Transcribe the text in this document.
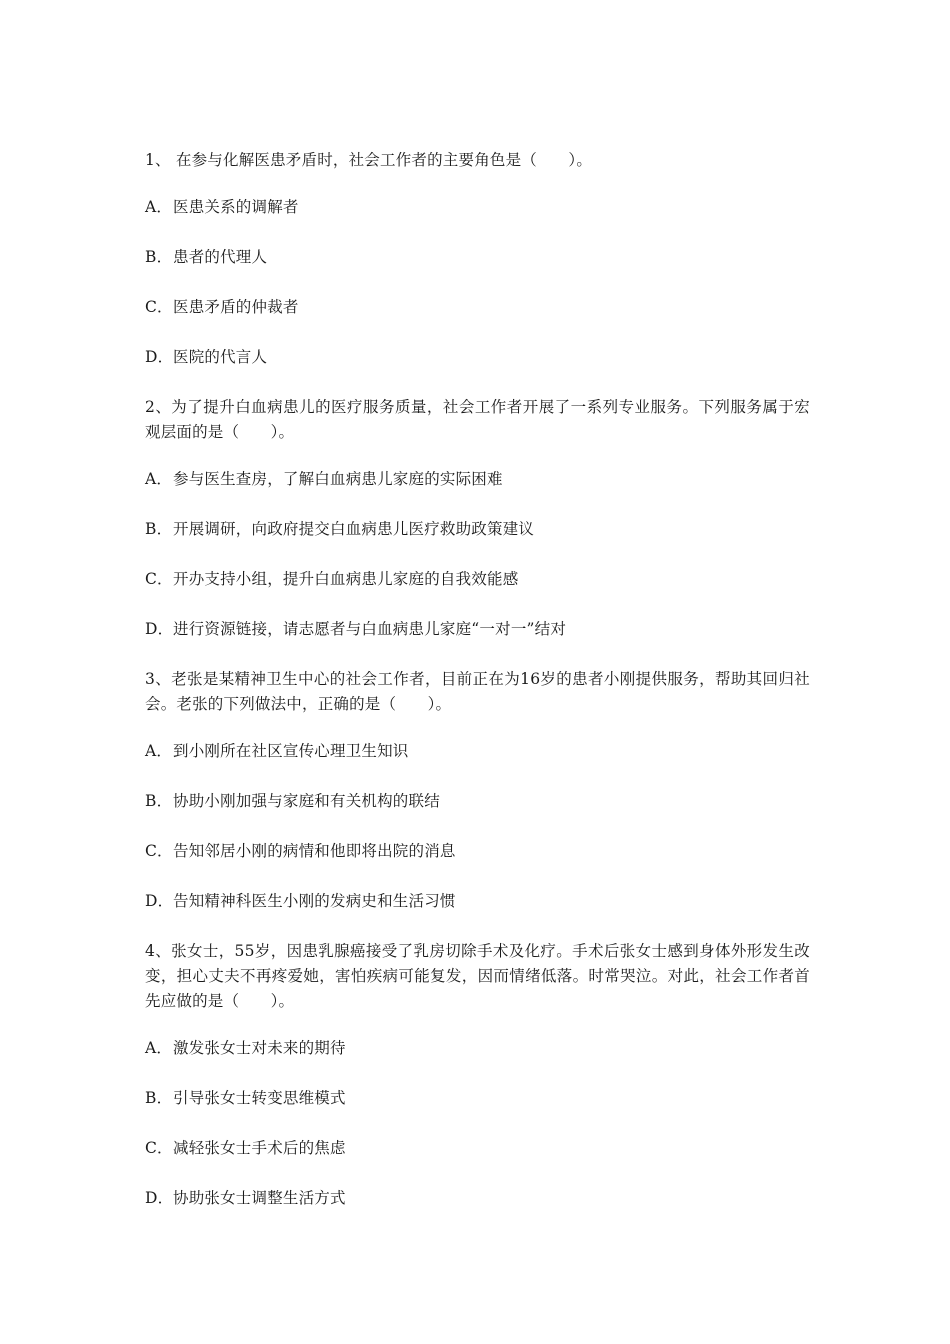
1、 在参与化解医患矛盾时，社会工作者的主要角色是（　　）。

A．医患关系的调解者

B．患者的代理人

C．医患矛盾的仲裁者

D．医院的代言人

2、为了提升白血病患儿的医疗服务质量，社会工作者开展了一系列专业服务。下列服务属于宏观层面的是（　　）。

A．参与医生查房，了解白血病患儿家庭的实际困难

B．开展调研，向政府提交白血病患儿医疗救助政策建议

C．开办支持小组，提升白血病患儿家庭的自我效能感

D．进行资源链接，请志愿者与白血病患儿家庭“一对一”结对

3、老张是某精神卫生中心的社会工作者，目前正在为16岁的患者小刚提供服务，帮助其回归社会。老张的下列做法中，正确的是（　　）。

A．到小刚所在社区宣传心理卫生知识

B．协助小刚加强与家庭和有关机构的联结

C．告知邻居小刚的病情和他即将出院的消息

D．告知精神科医生小刚的发病史和生活习惯

4、张女士，55岁，因患乳腺癌接受了乳房切除手术及化疗。手术后张女士感到身体外形发生改变，担心丈夫不再疼爱她，害怕疾病可能复发，因而情绪低落。时常哭泣。对此，社会工作者首先应做的是（　　）。

A．激发张女士对未来的期待

B．引导张女士转变思维模式

C．减轻张女士手术后的焦虑

D．协助张女士调整生活方式
